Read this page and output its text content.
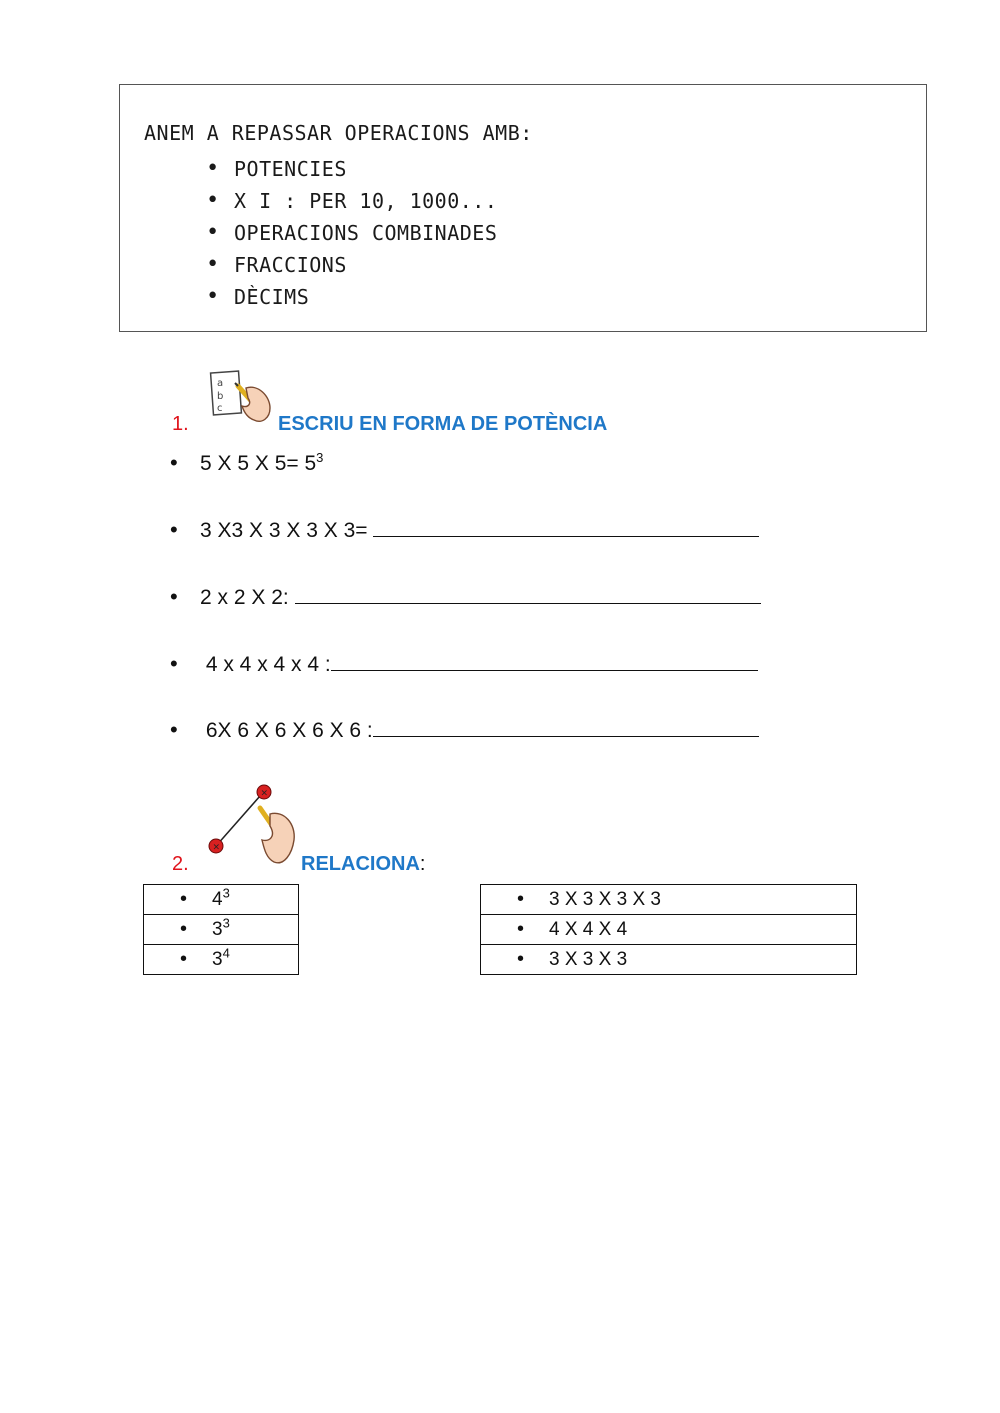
ANEM A REPASSAR OPERACIONS AMB:
• POTENCIES
• X I : PER 10, 1000...
• OPERACIONS COMBINADES
• FRACCIONS
• DÈCIMS
a
b
c
1.	ESCRIU EN FORMA DE POTÈNCIA
• 5 X 5 X $5= 5^3$
• 3 X3 X 3 X 3 X 3=
• 2 x 2 X 2:
• 4 x 4 x 4 x 4 :
• 6X 6 X 6 X 6 X 6 :
×
×
2.	RELACIONA:
• $4^3$
• $3^3$
• $3^4$
• 3 X 3 X 3 X 3
• 4 X 4 X 4
• 3 X 3 X 3
